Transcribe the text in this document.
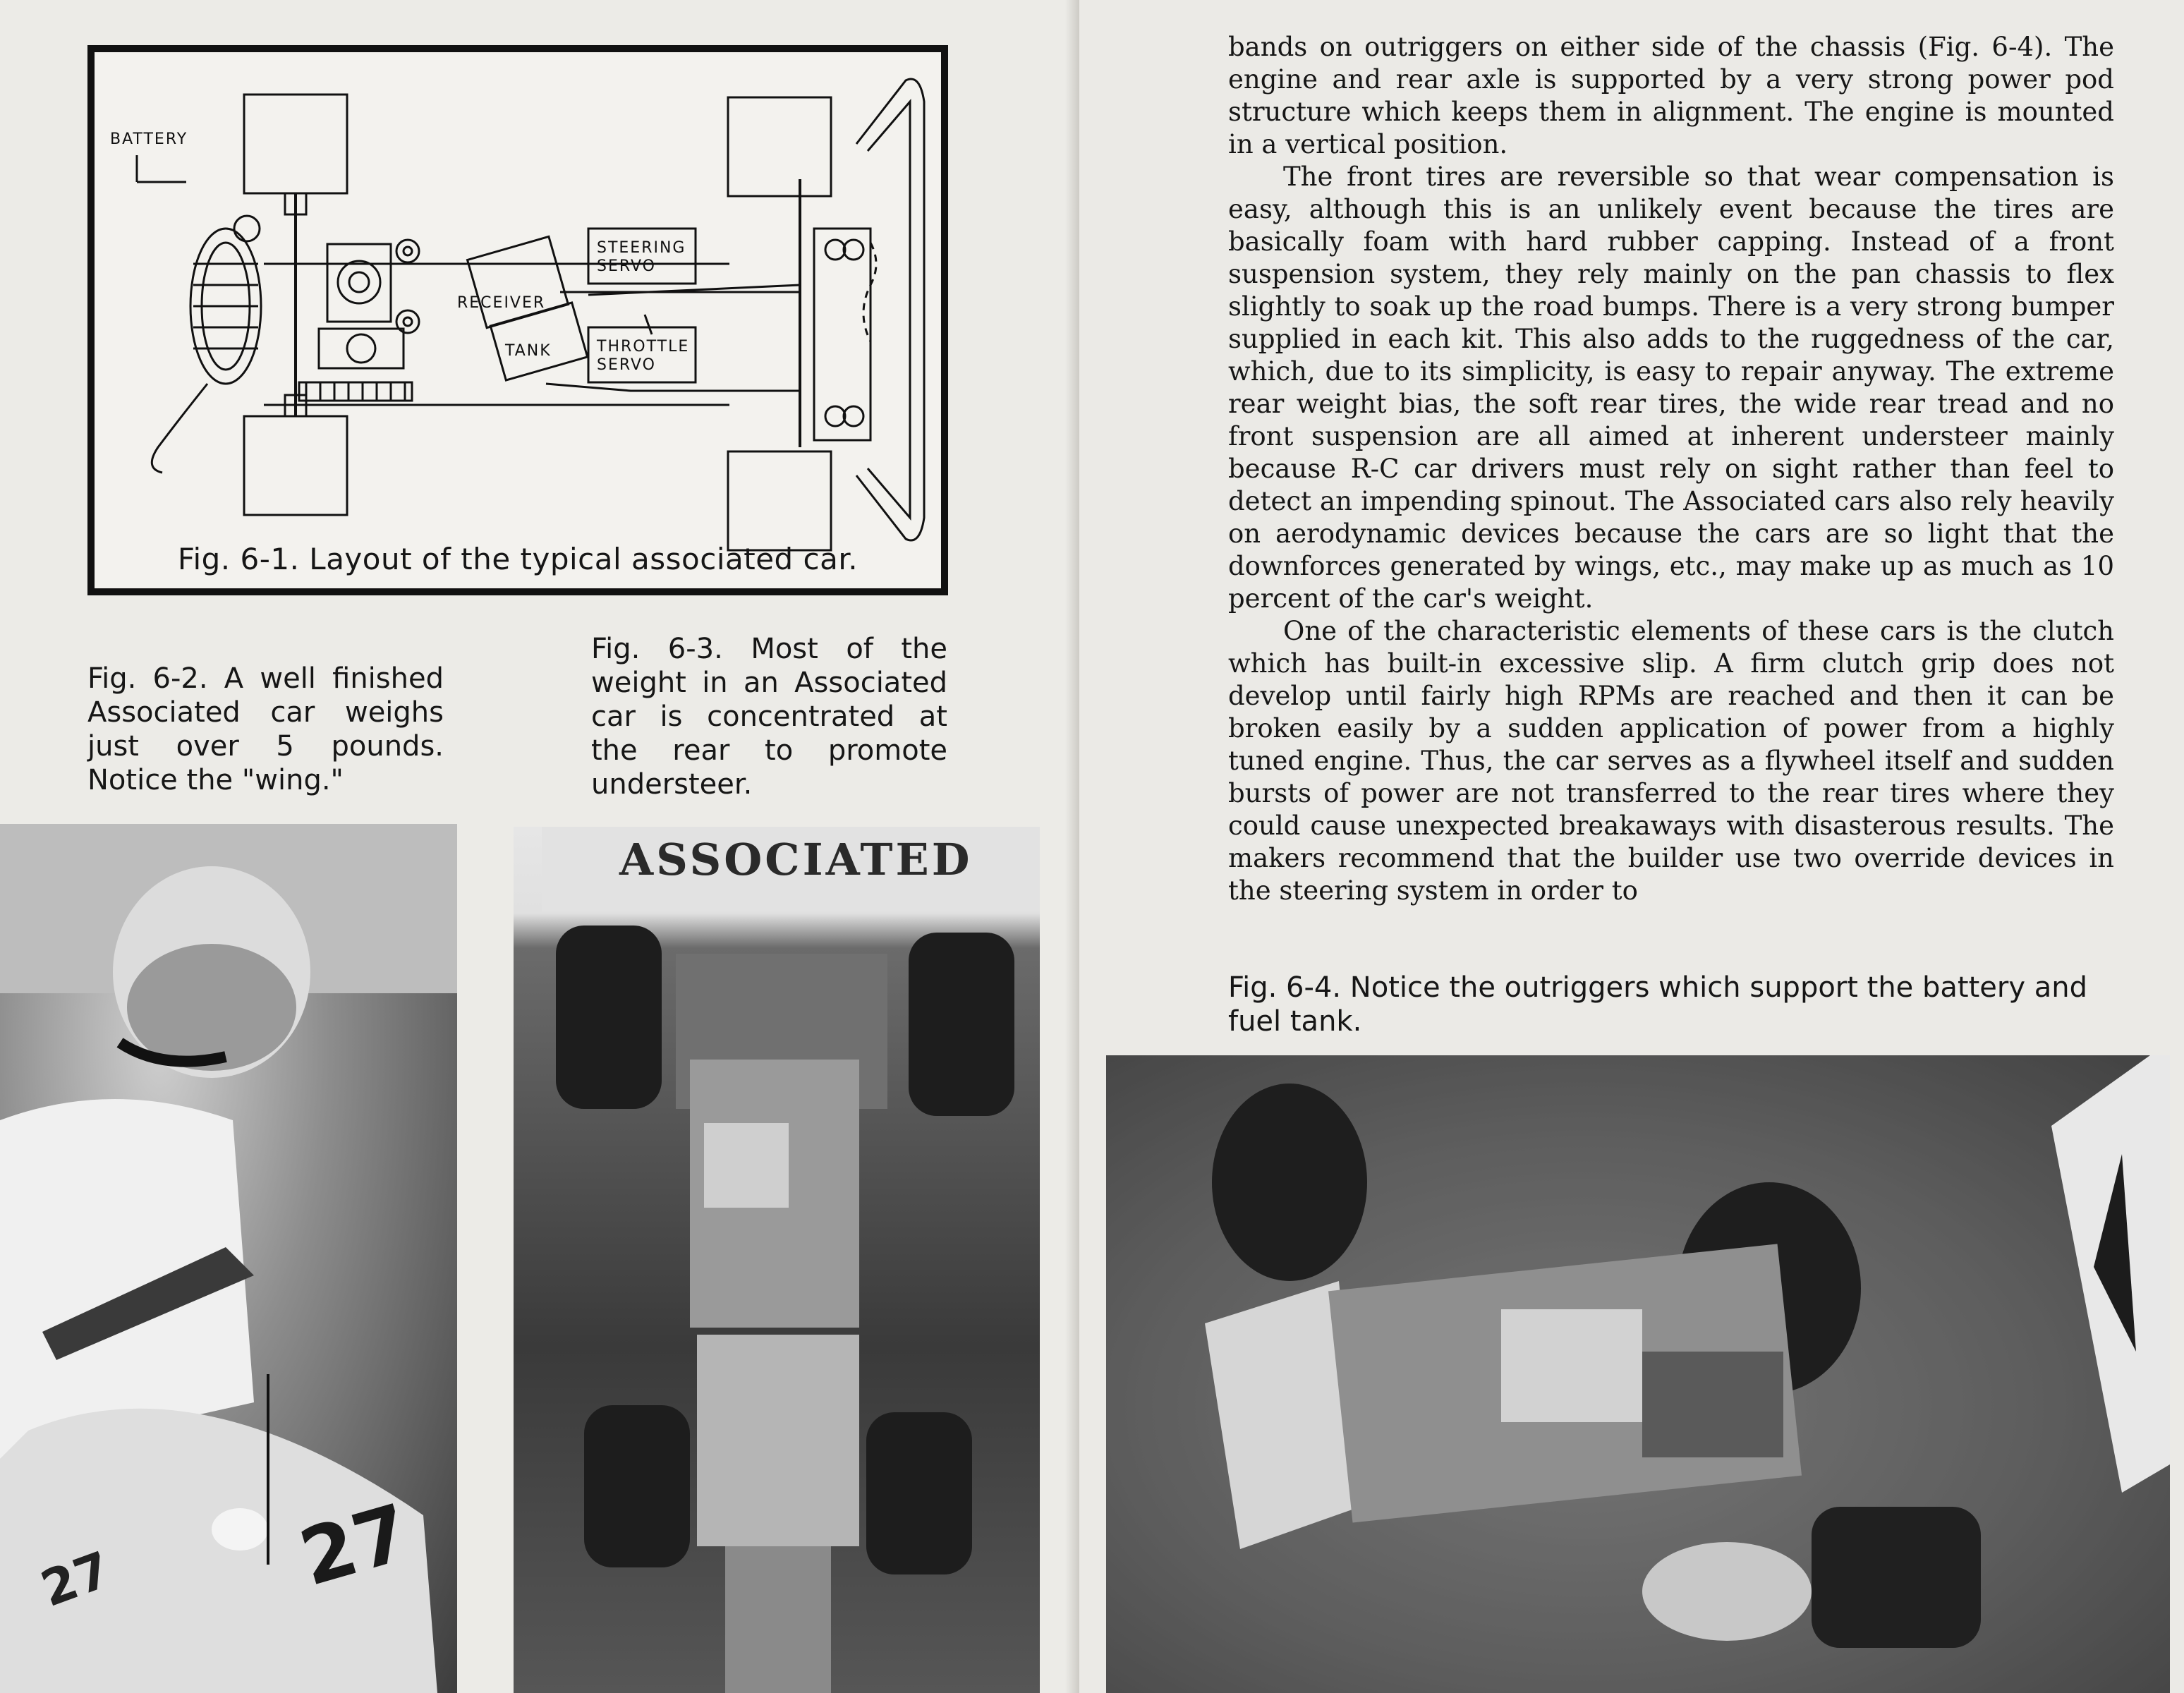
BATTERY
RECEIVER
TANK
STEERING
SERVO
THROTTLE
SERVO
Fig. 6-1. Layout of the typical associated car.

Fig. 6-2. A well finished Associated car weighs just over 5 pounds. Notice the "wing."

Fig. 6-3. Most of the weight in an Associated car is concentrated at the rear to promote understeer.

27 27
ASSOCIATED

bands on outriggers on either side of the chassis (Fig. 6-4). The engine and rear axle is supported by a very strong power pod structure which keeps them in alignment. The engine is mounted in a vertical position.

The front tires are reversible so that wear compensation is easy, although this is an unlikely event because the tires are basically foam with hard rubber capping. Instead of a front suspension system, they rely mainly on the pan chassis to flex slightly to soak up the road bumps. There is a very strong bumper supplied in each kit. This also adds to the ruggedness of the car, which, due to its simplicity, is easy to repair anyway. The extreme rear weight bias, the soft rear tires, the wide rear tread and no front suspension are all aimed at inherent understeer mainly because R-C car drivers must rely on sight rather than feel to detect an impending spinout. The Associated cars also rely heavily on aerodynamic devices because the cars are so light that the downforces generated by wings, etc., may make up as much as 10 percent of the car's weight.

One of the characteristic elements of these cars is the clutch which has built-in excessive slip. A firm clutch grip does not develop until fairly high RPMs are reached and then it can be broken easily by a sudden application of power from a highly tuned engine. Thus, the car serves as a flywheel itself and sudden bursts of power are not transferred to the rear tires where they could cause unexpected breakaways with disasterous results. The makers recommend that the builder use two override devices in the steering system in order to

Fig. 6-4. Notice the outriggers which support the battery and fuel tank.
